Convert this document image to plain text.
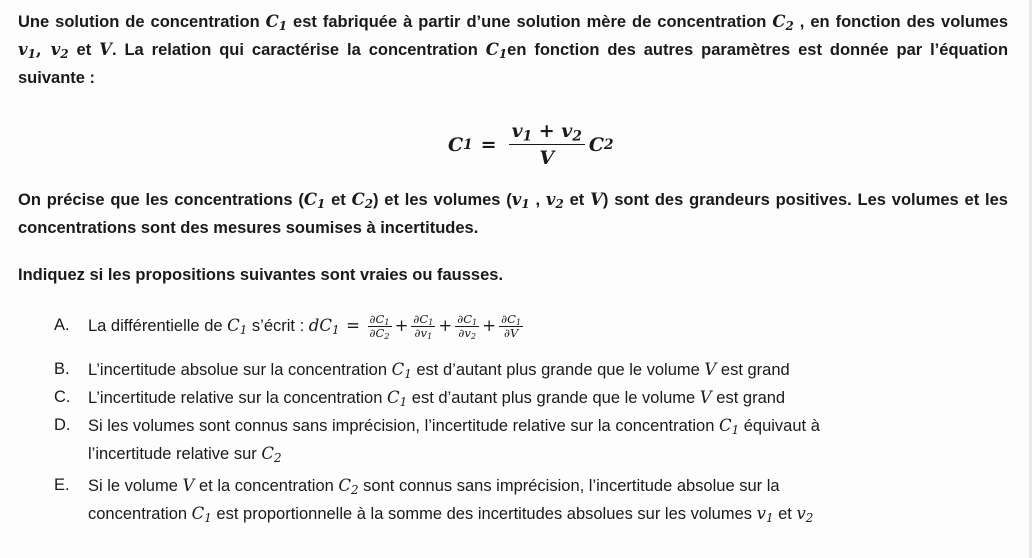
Une solution de concentration $C_1$ est fabriquée à partir d’une solution mère de concentration $C_2$ , en fonction des volumes $v_1$, $v_2$ et V. La relation qui caractérise la concentration $C_1en$ fonction des autres paramètres est donnée par l’équation suivante :

C $1 = \frac{v_1 + v_2}{V}$ C 2

On précise que les concentrations ($C_1$ et $C_2$) et les volumes ($v_1$ , $v_2$ et V) sont des grandeurs positives. Les volumes et les concentrations sont des mesures soumises à incertitudes.

Indiquez si les propositions suivantes sont vraies ou fausses.

A.	La différentielle de $C_1$ s’écrit : $dC_1 = \frac{\partial C_1}{\partial C_2} + \frac{\partial C_1}{\partial v_1} + \frac{\partial C_1}{\partial v_2} + \frac{\partial C_1}{\partial V}$
B.	L’incertitude absolue sur la concentration $C_1$ est d’autant plus grande que le volume V est grand
C.	L’incertitude relative sur la concentration $C_1$ est d’autant plus grande que le volume V est grand
D.	Si les volumes sont connus sans imprécision, l’incertitude relative sur la concentration $C_1$ équivaut à
l’incertitude relative sur $C_2$
E.	Si le volume V et la concentration $C_2$ sont connus sans imprécision, l’incertitude absolue sur la
concentration $C_1$ est proportionnelle à la somme des incertitudes absolues sur les volumes $v_1$ et $v_2$
